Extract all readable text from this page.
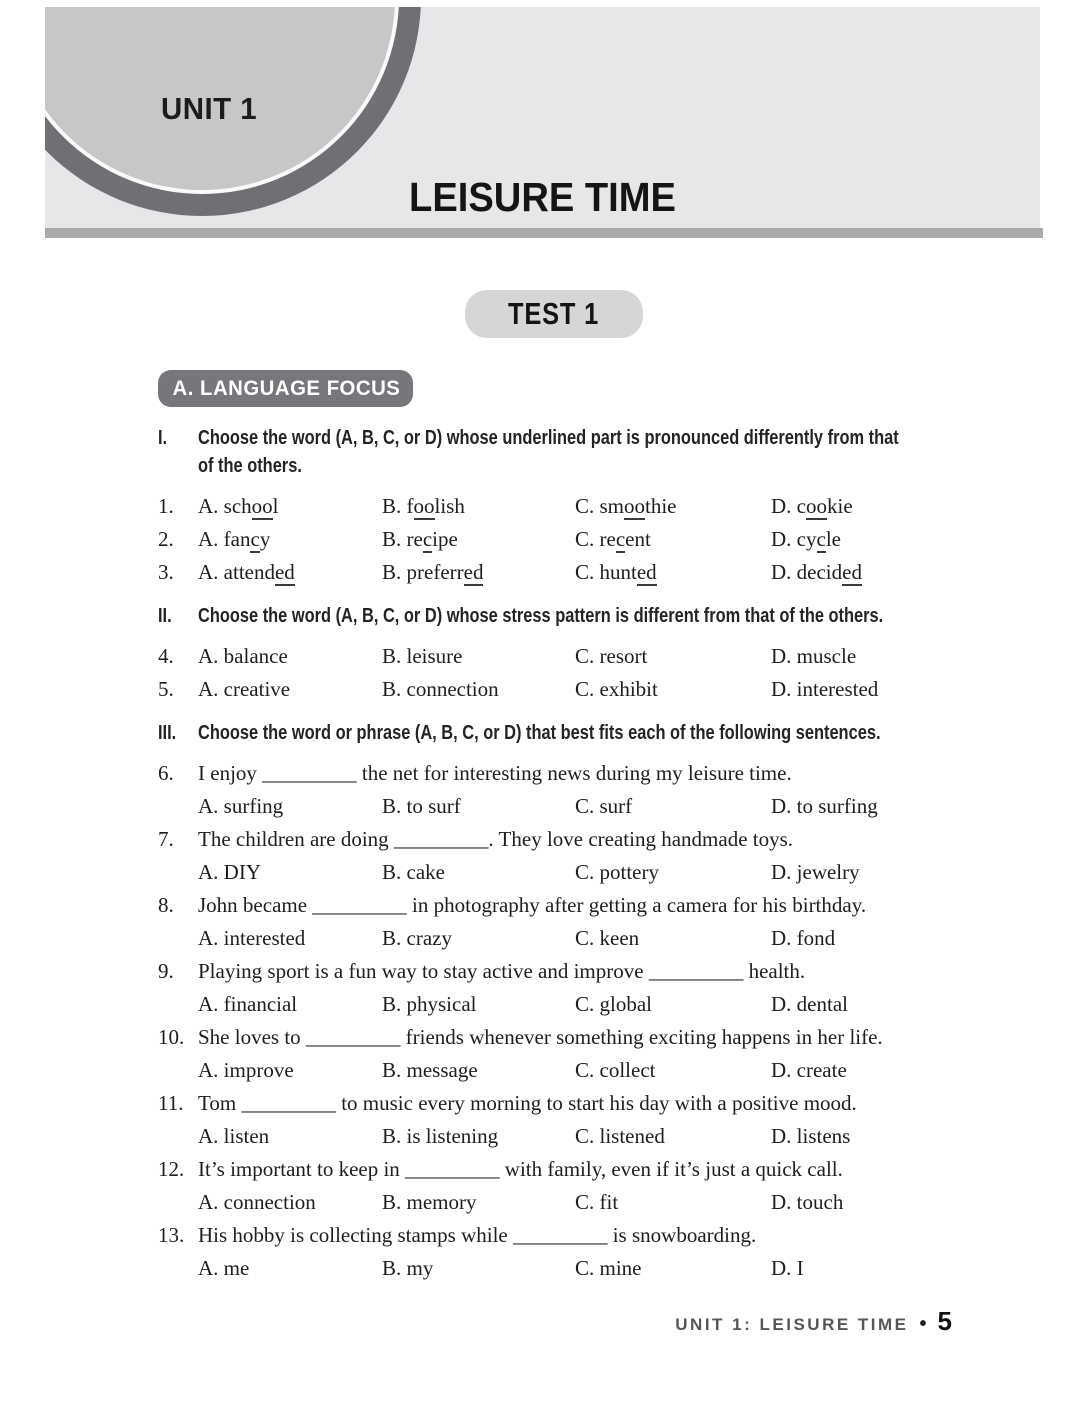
UNIT 1
LEISURE TIME
TEST 1
A. LANGUAGE FOCUS
I.	Choose the word (A, B, C, or D) whose underlined part is pronounced differently from that
of the others.
1.	A. school	B. foolish	C. smoothie	D. cookie
2.	A. fancy	B. recipe	C. recent	D. cycle
3.	A. attended	B. preferred	C. hunted	D. decided
II.	Choose the word (A, B, C, or D) whose stress pattern is different from that of the others.
4.	A. balance	B. leisure	C. resort	D. muscle
5.	A. creative	B. connection	C. exhibit	D. interested
III.	Choose the word or phrase (A, B, C, or D) that best fits each of the following sentences.
6.	I enjoy _________ the net for interesting news during my leisure time.
A. surfing	B. to surf	C. surf	D. to surfing
7.	The children are doing _________. They love creating handmade toys.
A. DIY	B. cake	C. pottery	D. jewelry
8.	John became _________ in photography after getting a camera for his birthday.
A. interested	B. crazy	C. keen	D. fond
9.	Playing sport is a fun way to stay active and improve _________ health.
A. financial	B. physical	C. global	D. dental
10. She loves to _________ friends whenever something exciting happens in her life.
A. improve	B. message	C. collect	D. create
11. Tom _________ to music every morning to start his day with a positive mood.
A. listen	B. is listening	C. listened	D. listens
12. It’s important to keep in _________ with family, even if it’s just a quick call.
A. connection	B. memory	C. fit	D. touch
13. His hobby is collecting stamps while _________ is snowboarding.
A. me	B. my	C. mine	D. I
UNIT 1: LEISURE TIME • 5
